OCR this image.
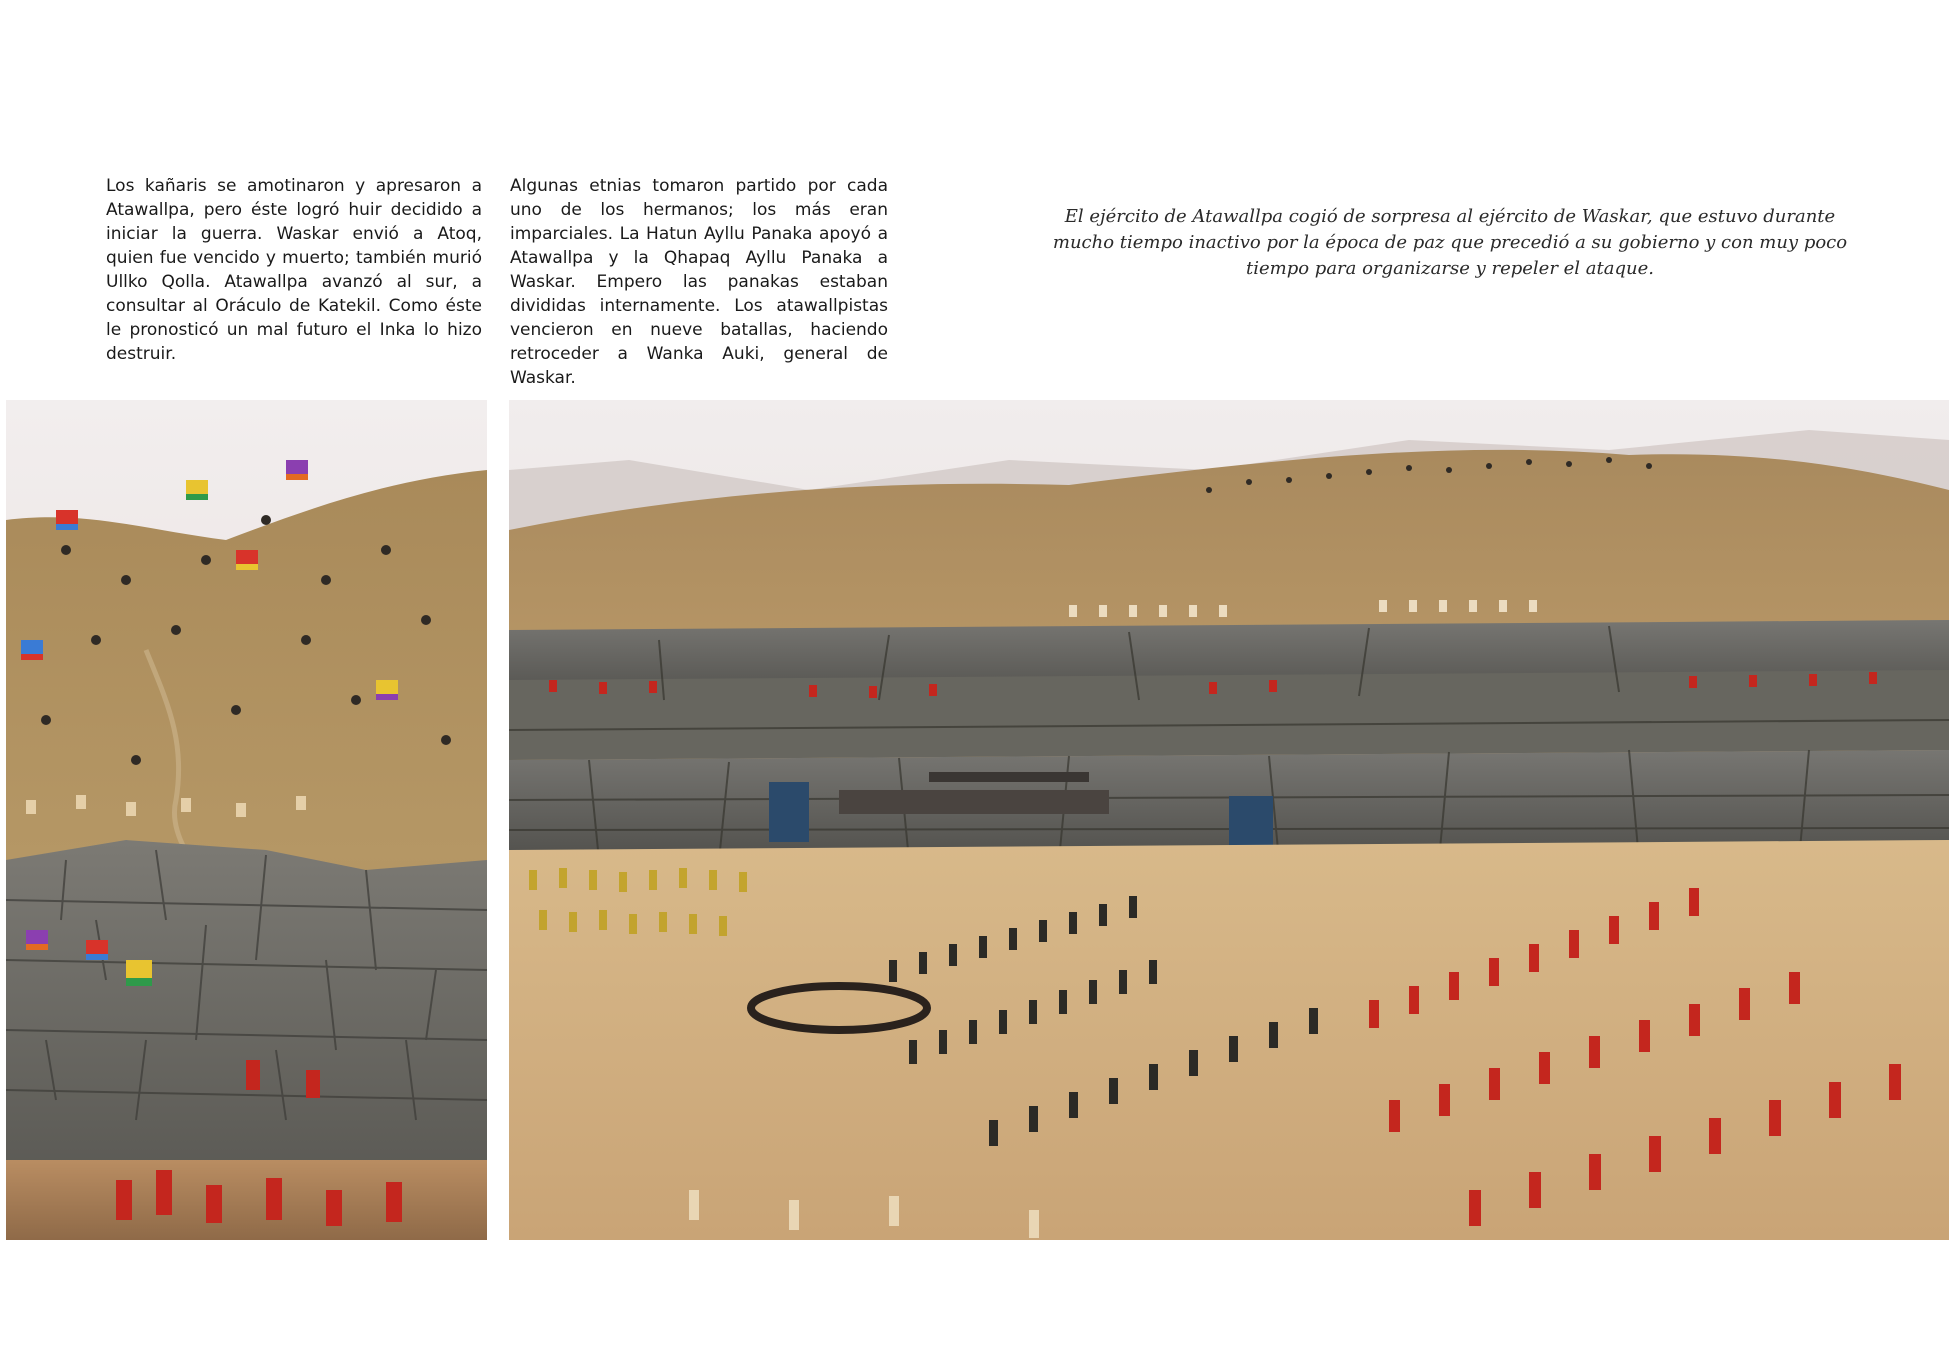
Los kañaris se amotinaron y apresaron a Atawallpa, pero éste logró huir decidido a iniciar la guerra. Waskar envió a Atoq, quien fue vencido y muerto; también murió Ullko Qolla. Atawallpa avanzó al sur, a consultar al Oráculo de Katekil. Como éste le pronosticó un mal futuro el Inka lo hizo destruir.

Algunas etnias tomaron partido por cada uno de los hermanos; los más eran imparciales. La Hatun Ayllu Panaka apoyó a Atawallpa y la Qhapaq Ayllu Panaka a Waskar. Empero las panakas estaban divididas internamente. Los atawallpistas vencieron en nueve batallas, haciendo retroceder a Wanka Auki, general de Waskar.

El ejército de Atawallpa cogió de sorpresa al ejército de Waskar, que estuvo durante mucho tiempo inactivo por la época de paz que precedió a su gobierno y con muy poco tiempo para organizarse y repeler el ataque.
